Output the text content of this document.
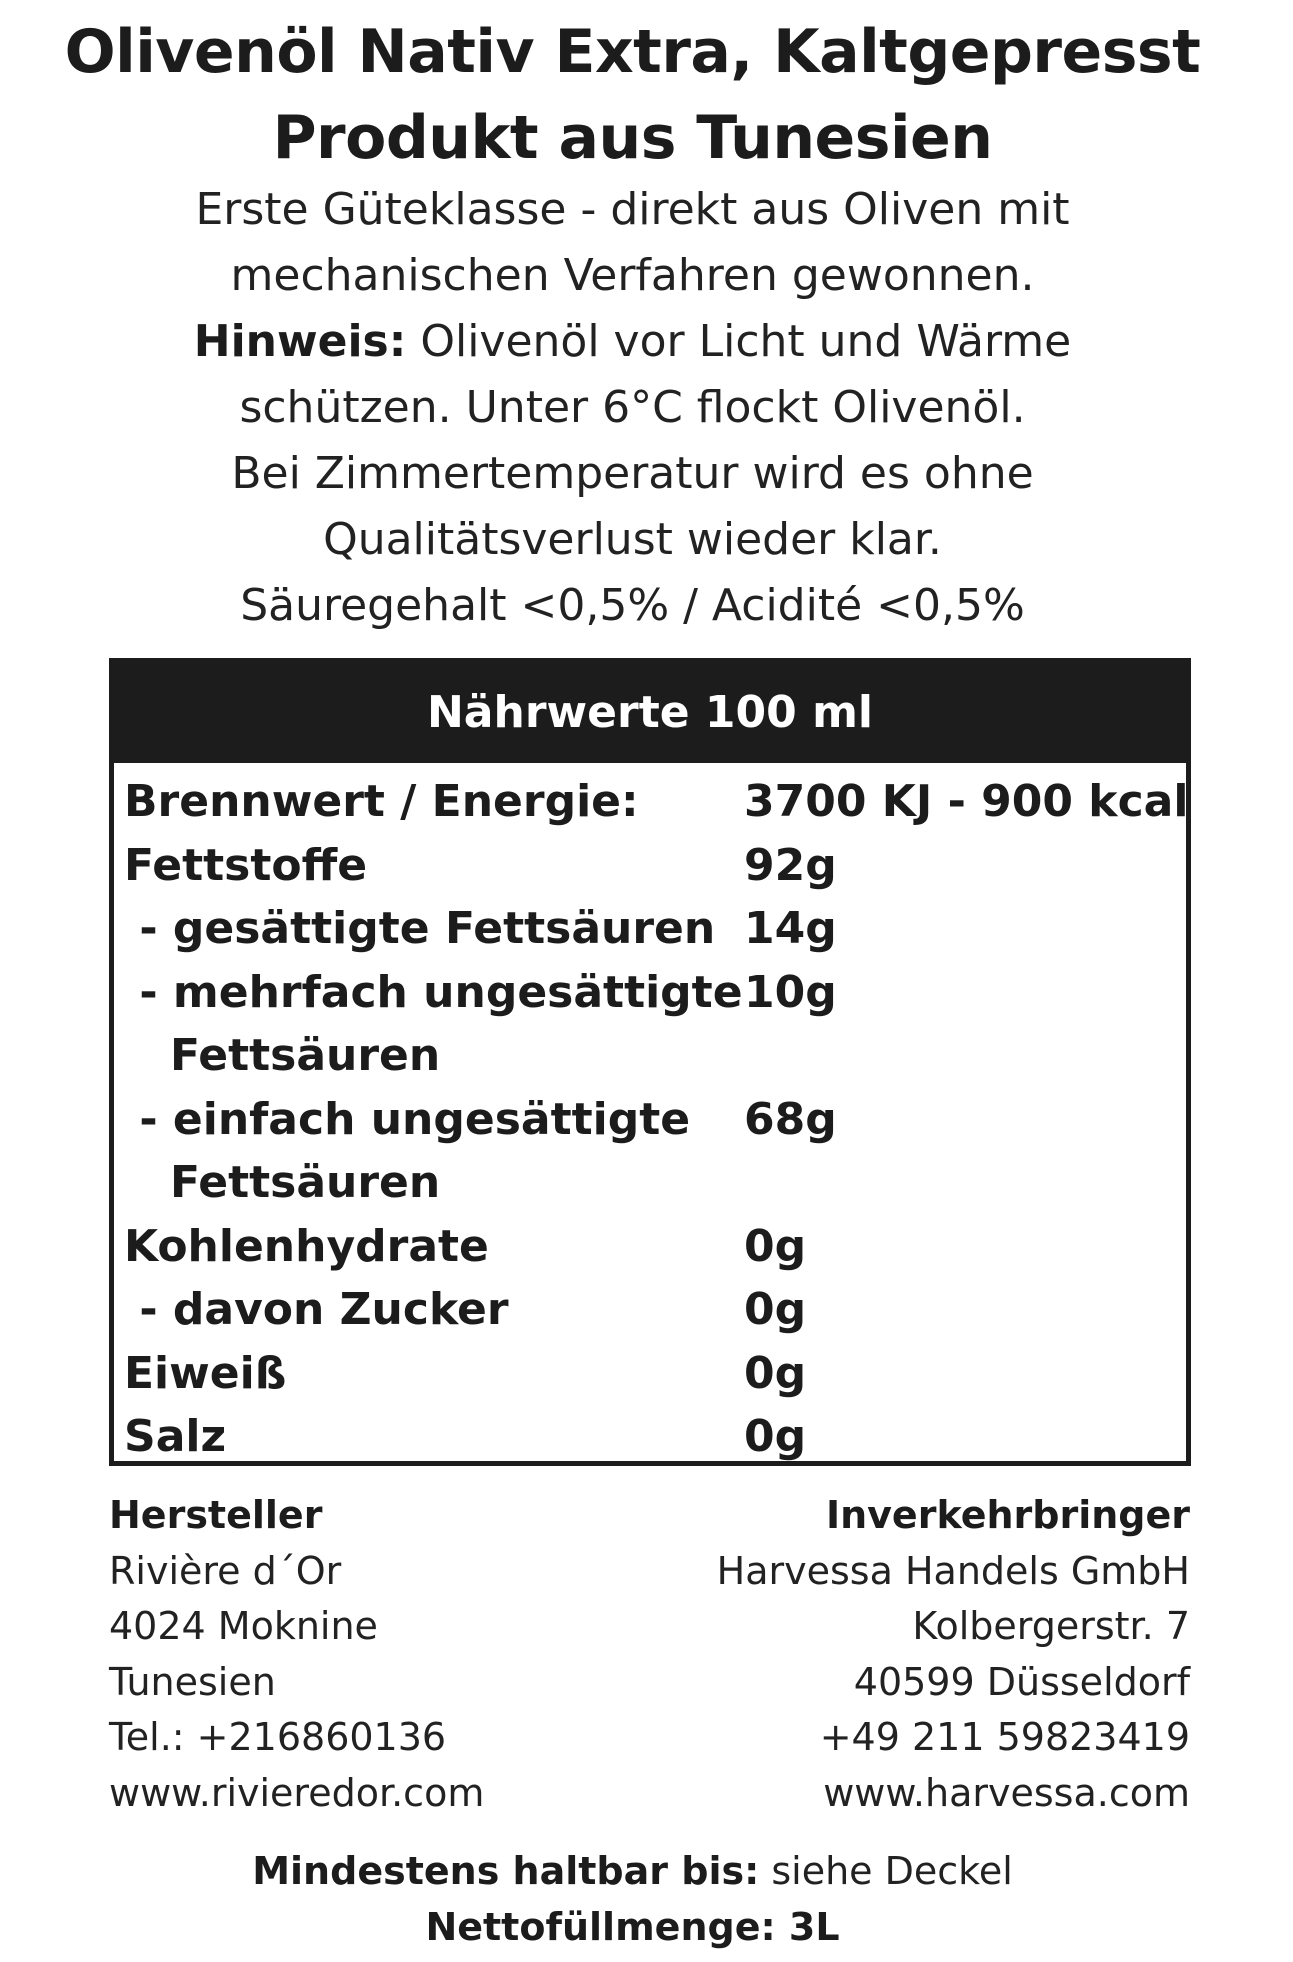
Olivenöl Nativ Extra, Kaltgepresst
Produkt aus Tunesien
Erste Güteklasse - direkt aus Oliven mit
mechanischen Verfahren gewonnen.
Hinweis: Olivenöl vor Licht und Wärme
schützen. Unter 6°C flockt Olivenöl.
Bei Zimmertemperatur wird es ohne
Qualitätsverlust wieder klar.
Säuregehalt <0,5% / Acidité <0,5%
Nährwerte 100 ml
Brennwert / Energie: 3700 KJ - 900 kcal
Fettstoffe	92g
- gesättigte Fettsäuren 14g
- mehrfach ungesättigte 10g
Fettsäuren
- einfach ungesättigte 68g
Fettsäuren
Kohlenhydrate	0g
- davon Zucker	0g
Eiweiß	0g
Salz	0g
Hersteller
Rivière d´Or
4024 Moknine
Tunesien
Tel.: +216860136
www.rivieredor.com
Inverkehrbringer
Harvessa Handels GmbH
Kolbergerstr. 7
40599 Düsseldorf
+49 211 59823419
www.harvessa.com
Mindestens haltbar bis: siehe Deckel
Nettofüllmenge: 3L
